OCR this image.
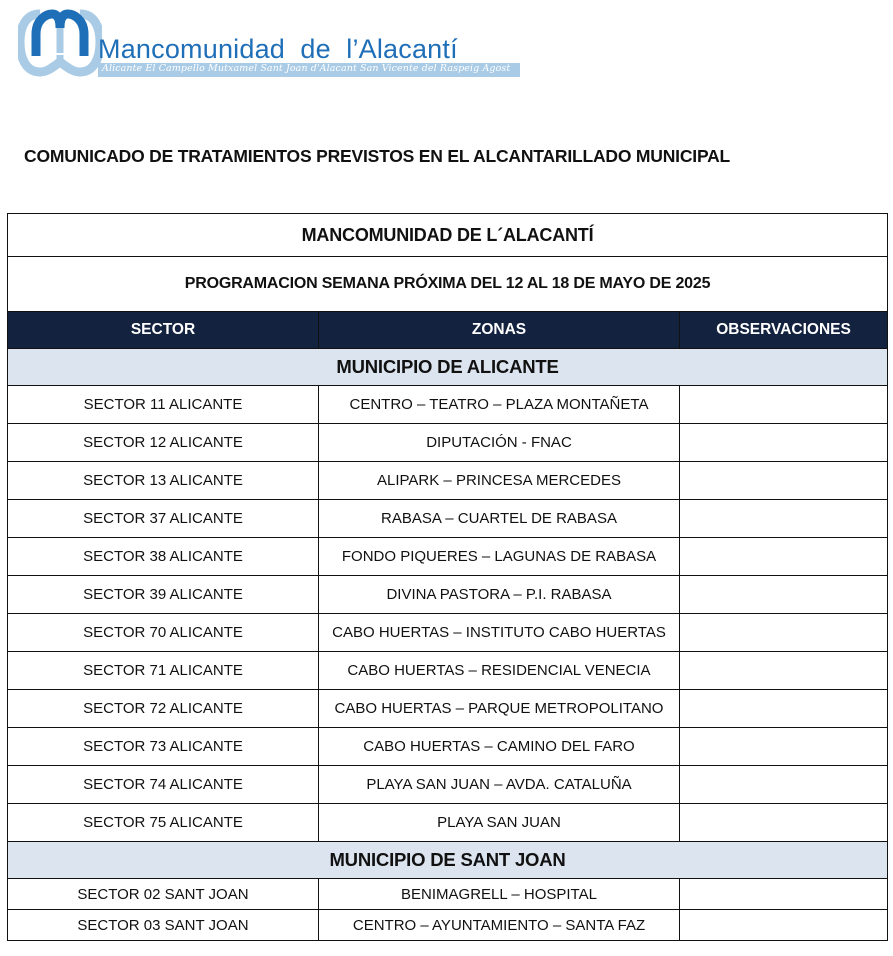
Mancomunidad  de  l’Alacantí
Alicante El Campello Mutxamel Sant Joan d'Alacant San Vicente del Raspeig Agost
COMUNICADO DE TRATAMIENTOS PREVISTOS EN EL ALCANTARILLADO MUNICIPAL
MANCOMUNIDAD DE L´ALACANTÍ		
PROGRAMACION SEMANA PRÓXIMA DEL 12 AL 18 DE MAYO DE 2025		
SECTOR	ZONAS	OBSERVACIONES
MUNICIPIO DE ALICANTE		
SECTOR 11 ALICANTE	CENTRO – TEATRO – PLAZA MONTAÑETA	
SECTOR 12 ALICANTE	DIPUTACIÓN - FNAC	
SECTOR 13 ALICANTE	ALIPARK – PRINCESA MERCEDES	
SECTOR 37 ALICANTE	RABASA – CUARTEL DE RABASA	
SECTOR 38 ALICANTE	FONDO PIQUERES – LAGUNAS DE RABASA	
SECTOR 39 ALICANTE	DIVINA PASTORA – P.I. RABASA	
SECTOR 70 ALICANTE	CABO HUERTAS – INSTITUTO CABO HUERTAS	
SECTOR 71 ALICANTE	CABO HUERTAS – RESIDENCIAL VENECIA	
SECTOR 72 ALICANTE	CABO HUERTAS – PARQUE METROPOLITANO	
SECTOR 73 ALICANTE	CABO HUERTAS – CAMINO DEL FARO	
SECTOR 74 ALICANTE	PLAYA SAN JUAN – AVDA. CATALUÑA	
SECTOR 75 ALICANTE	PLAYA SAN JUAN	
MUNICIPIO DE SANT JOAN		
SECTOR 02 SANT JOAN	BENIMAGRELL – HOSPITAL	
SECTOR 03 SANT JOAN	CENTRO – AYUNTAMIENTO – SANTA FAZ	
